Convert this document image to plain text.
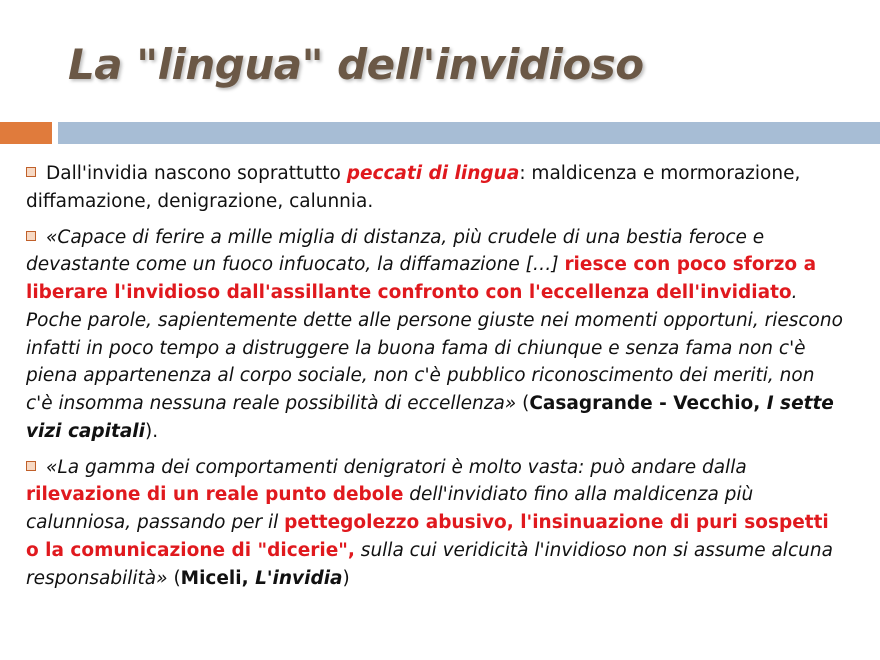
La "lingua" dell'invidioso

Dall'invidia nascono soprattutto peccati di lingua: maldicenza e mormorazione, diffamazione, denigrazione, calunnia.

«Capace di ferire a mille miglia di distanza, più crudele di una bestia feroce e devastante come un fuoco infuocato, la diffamazione […] riesce con poco sforzo a liberare l'invidioso dall'assillante confronto con l'eccellenza dell'invidiato. Poche parole, sapientemente dette alle persone giuste nei momenti opportuni, riescono infatti in poco tempo a distruggere la buona fama di chiunque e senza fama non c'è piena appartenenza al corpo sociale, non c'è pubblico riconoscimento dei meriti, non c'è insomma nessuna reale possibilità di eccellenza» (Casagrande - Vecchio, I sette vizi capitali).

«La gamma dei comportamenti denigratori è molto vasta: può andare dalla rilevazione di un reale punto debole dell'invidiato fino alla maldicenza più calunniosa, passando per il pettegolezzo abusivo, l'insinuazione di puri sospetti o la comunicazione di "dicerie", sulla cui veridicità l'invidioso non si assume alcuna responsabilità» (Miceli, L'invidia)
